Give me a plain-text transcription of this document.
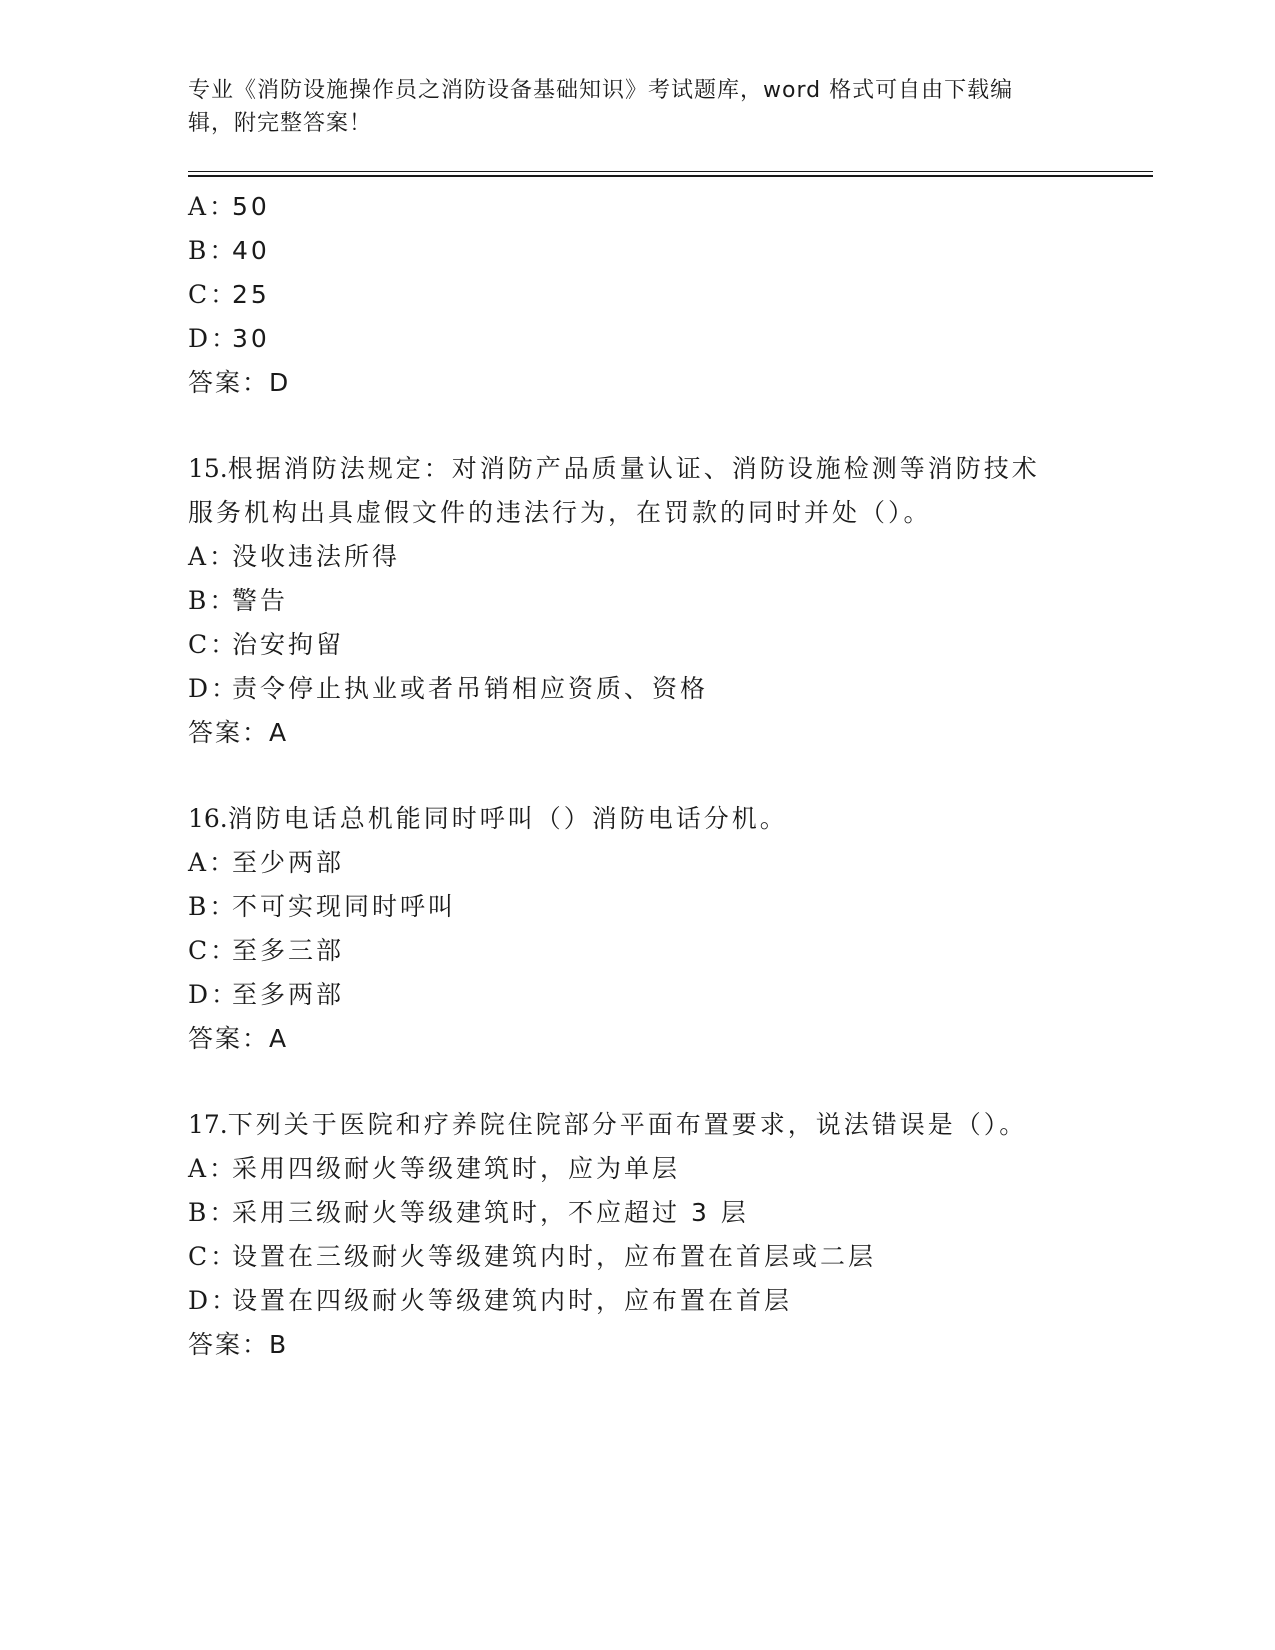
专业《消防设施操作员之消防设备基础知识》考试题库，word 格式可自由下载编
辑，附完整答案！
A：50
B：40
C：25
D：30
答案：D
15.根据消防法规定：对消防产品质量认证、消防设施检测等消防技术
服务机构出具虚假文件的违法行为，在罚款的同时并处（）。
A：没收违法所得
B：警告
C：治安拘留
D：责令停止执业或者吊销相应资质、资格
答案：A
16.消防电话总机能同时呼叫（）消防电话分机。
A：至少两部
B：不可实现同时呼叫
C：至多三部
D：至多两部
答案：A
17.下列关于医院和疗养院住院部分平面布置要求，说法错误是（）。
A：采用四级耐火等级建筑时，应为单层
B：采用三级耐火等级建筑时，不应超过 3 层
C：设置在三级耐火等级建筑内时，应布置在首层或二层
D：设置在四级耐火等级建筑内时，应布置在首层
答案：B
